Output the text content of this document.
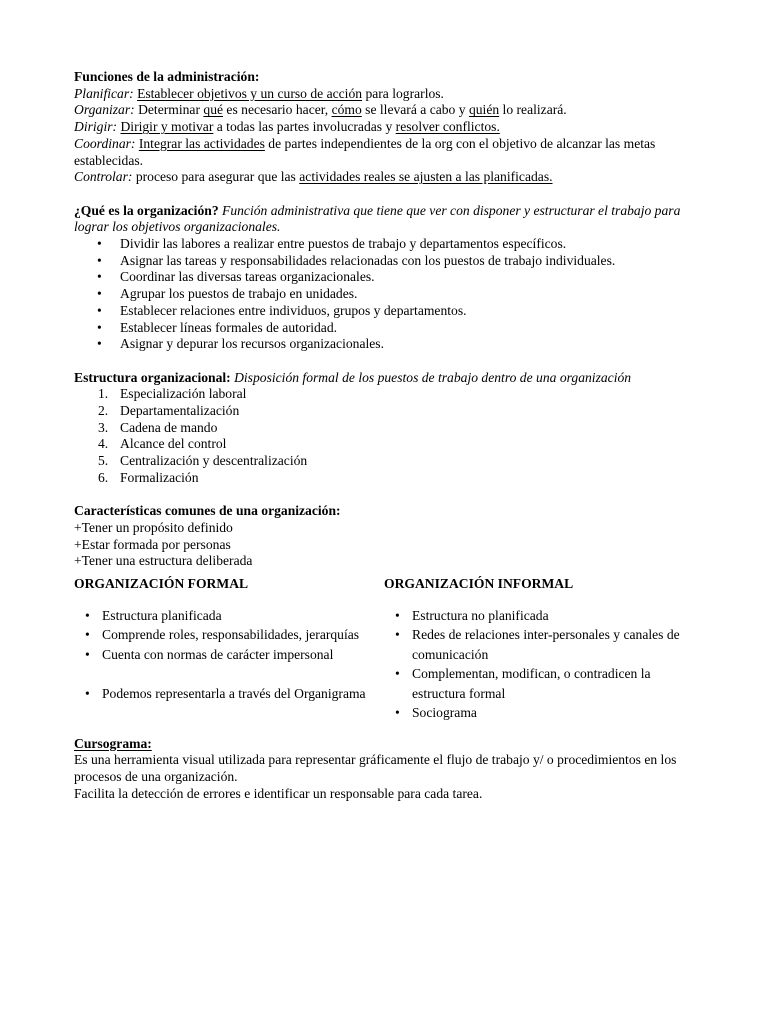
Funciones de la administración:

Planificar: Establecer objetivos y un curso de acción para lograrlos.

Organizar: Determinar qué es necesario hacer, cómo se llevará a cabo y quién lo realizará.

Dirigir: Dirigir y motivar a todas las partes involucradas y resolver conflictos.

Coordinar: Integrar las actividades de partes independientes de la org con el objetivo de alcanzar las metas establecidas.

Controlar: proceso para asegurar que las actividades reales se ajusten a las planificadas.

¿Qué es la organización? Función administrativa que tiene que ver con disponer y estructurar el trabajo para lograr los objetivos organizacionales.

• Dividir las labores a realizar entre puestos de trabajo y departamentos específicos.
• Asignar las tareas y responsabilidades relacionadas con los puestos de trabajo individuales.
• Coordinar las diversas tareas organizacionales.
• Agrupar los puestos de trabajo en unidades.
• Establecer relaciones entre individuos, grupos y departamentos.
• Establecer líneas formales de autoridad.
• Asignar y depurar los recursos organizacionales.

Estructura organizacional: Disposición formal de los puestos de trabajo dentro de una organización

1. Especialización laboral
2. Departamentalización
3. Cadena de mando
4. Alcance del control
5. Centralización y descentralización
6. Formalización

Características comunes de una organización:

+Tener un propósito definido

+Estar formada por personas

+Tener una estructura deliberada

ORGANIZACIÓN FORMAL
• Estructura planificada
• Comprende roles, responsabilidades, jerarquías
• Cuenta con normas de carácter impersonal
• Podemos representarla a través del Organigrama
ORGANIZACIÓN INFORMAL
• Estructura no planificada
• Redes de relaciones inter-personales y canales de comunicación
• Complementan, modifican, o contradicen la estructura formal
• Sociograma

Cursograma:

Es una herramienta visual utilizada para representar gráficamente el flujo de trabajo y/ o procedimientos en los procesos de una organización.

Facilita la detección de errores e identificar un responsable para cada tarea.
